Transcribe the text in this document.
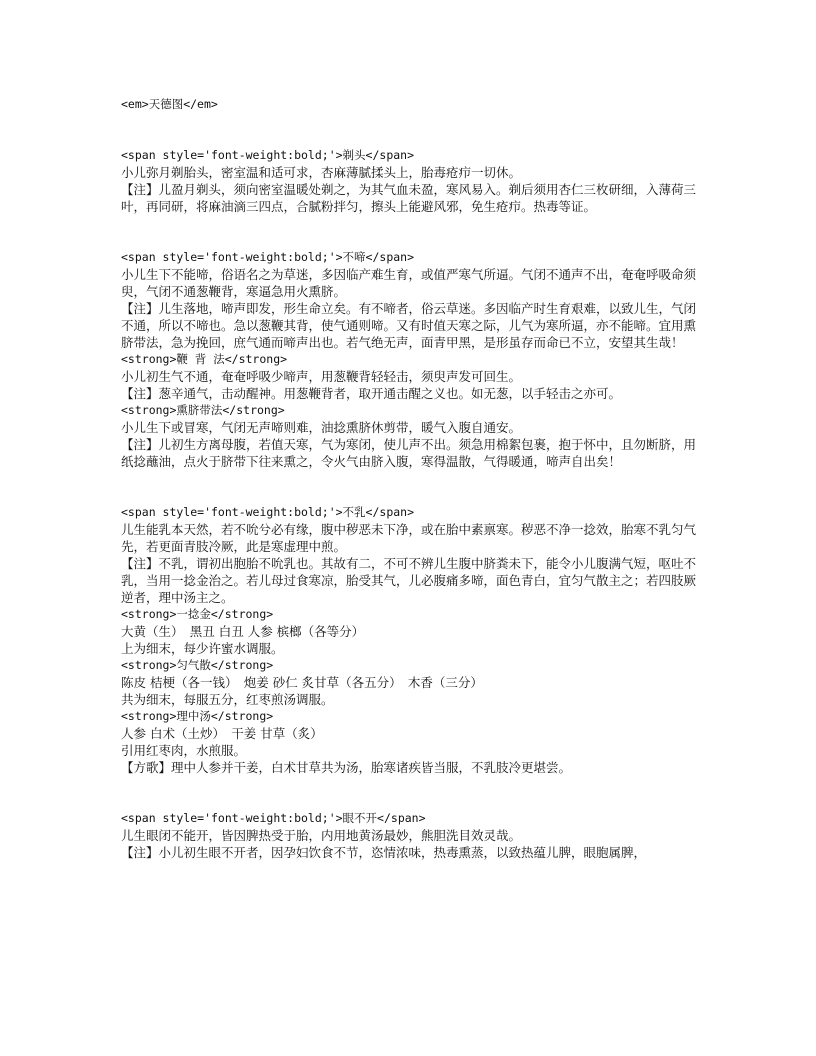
<em>天德图</em>

<span style='font-weight:bold;'>剃头</span>

小儿弥月剃胎头，密室温和适可求，杏麻薄腻揉头上，胎毒疮疖一切休。

【注】儿盈月剃头，须向密室温暖处剃之，为其气血未盈，寒风易入。剃后须用杏仁三枚研细，入薄荷三叶，再同研，将麻油滴三四点，合腻粉拌匀，擦头上能避风邪，免生疮疖。热毒等证。

<span style='font-weight:bold;'>不啼</span>

小儿生下不能啼，俗语名之为草迷，多因临产难生育，或值严寒气所逼。气闭不通声不出，奄奄呼吸命须臾，气闭不通葱鞭背，寒逼急用火熏脐。

【注】儿生落地，啼声即发，形生命立矣。有不啼者，俗云草迷。多因临产时生育艰难，以致儿生，气闭不通，所以不啼也。急以葱鞭其背，使气通则啼。又有时值天寒之际，儿气为寒所逼，亦不能啼。宜用熏脐带法，急为挽回，庶气通而啼声出也。若气绝无声，面青甲黑，是形虽存而命已不立，安望其生哉！

<strong>鞭 背 法</strong>

小儿初生气不通，奄奄呼吸少啼声，用葱鞭背轻轻击，须臾声发可回生。

【注】葱辛通气，击动醒神。用葱鞭背者，取开通击醒之义也。如无葱，以手轻击之亦可。

<strong>熏脐带法</strong>

小儿生下或冒寒，气闭无声啼则难，油捻熏脐休剪带，暖气入腹自通安。

【注】儿初生方离母腹，若值天寒，气为寒闭，使儿声不出。须急用棉絮包裹，抱于怀中，且勿断脐，用纸捻蘸油，点火于脐带下往来熏之，令火气由脐入腹，寒得温散，气得暖通，啼声自出矣！

<span style='font-weight:bold;'>不乳</span>

儿生能乳本天然，若不吮兮必有缘，腹中秽恶未下净，或在胎中素禀寒。秽恶不净一捻效，胎寒不乳匀气先，若更面青肢冷厥，此是寒虚理中煎。

【注】不乳，谓初出胞胎不吮乳也。其故有二，不可不辨儿生腹中脐粪未下，能令小儿腹满气短，呕吐不乳，当用一捻金治之。若儿母过食寒凉，胎受其气，儿必腹痛多啼，面色青白，宜匀气散主之；若四肢厥逆者，理中汤主之。

<strong>一捻金</strong>

大黄（生）　黑丑 白丑 人参 槟榔（各等分）

上为细末，每少许蜜水调服。

<strong>匀气散</strong>

陈皮 桔梗（各一钱）　炮姜 砂仁 炙甘草（各五分）　木香（三分）

共为细末，每服五分，红枣煎汤调服。

<strong>理中汤</strong>

人参 白术（土炒）　干姜 甘草（炙）

引用红枣肉，水煎服。

【方歌】理中人参并干姜，白术甘草共为汤，胎寒诸疾皆当服，不乳肢冷更堪尝。

<span style='font-weight:bold;'>眼不开</span>

儿生眼闭不能开，皆因脾热受于胎，内用地黄汤最妙，熊胆洗目效灵哉。

【注】小儿初生眼不开者，因孕妇饮食不节，恣情浓味，热毒熏蒸，以致热蕴儿脾，眼胞属脾，
